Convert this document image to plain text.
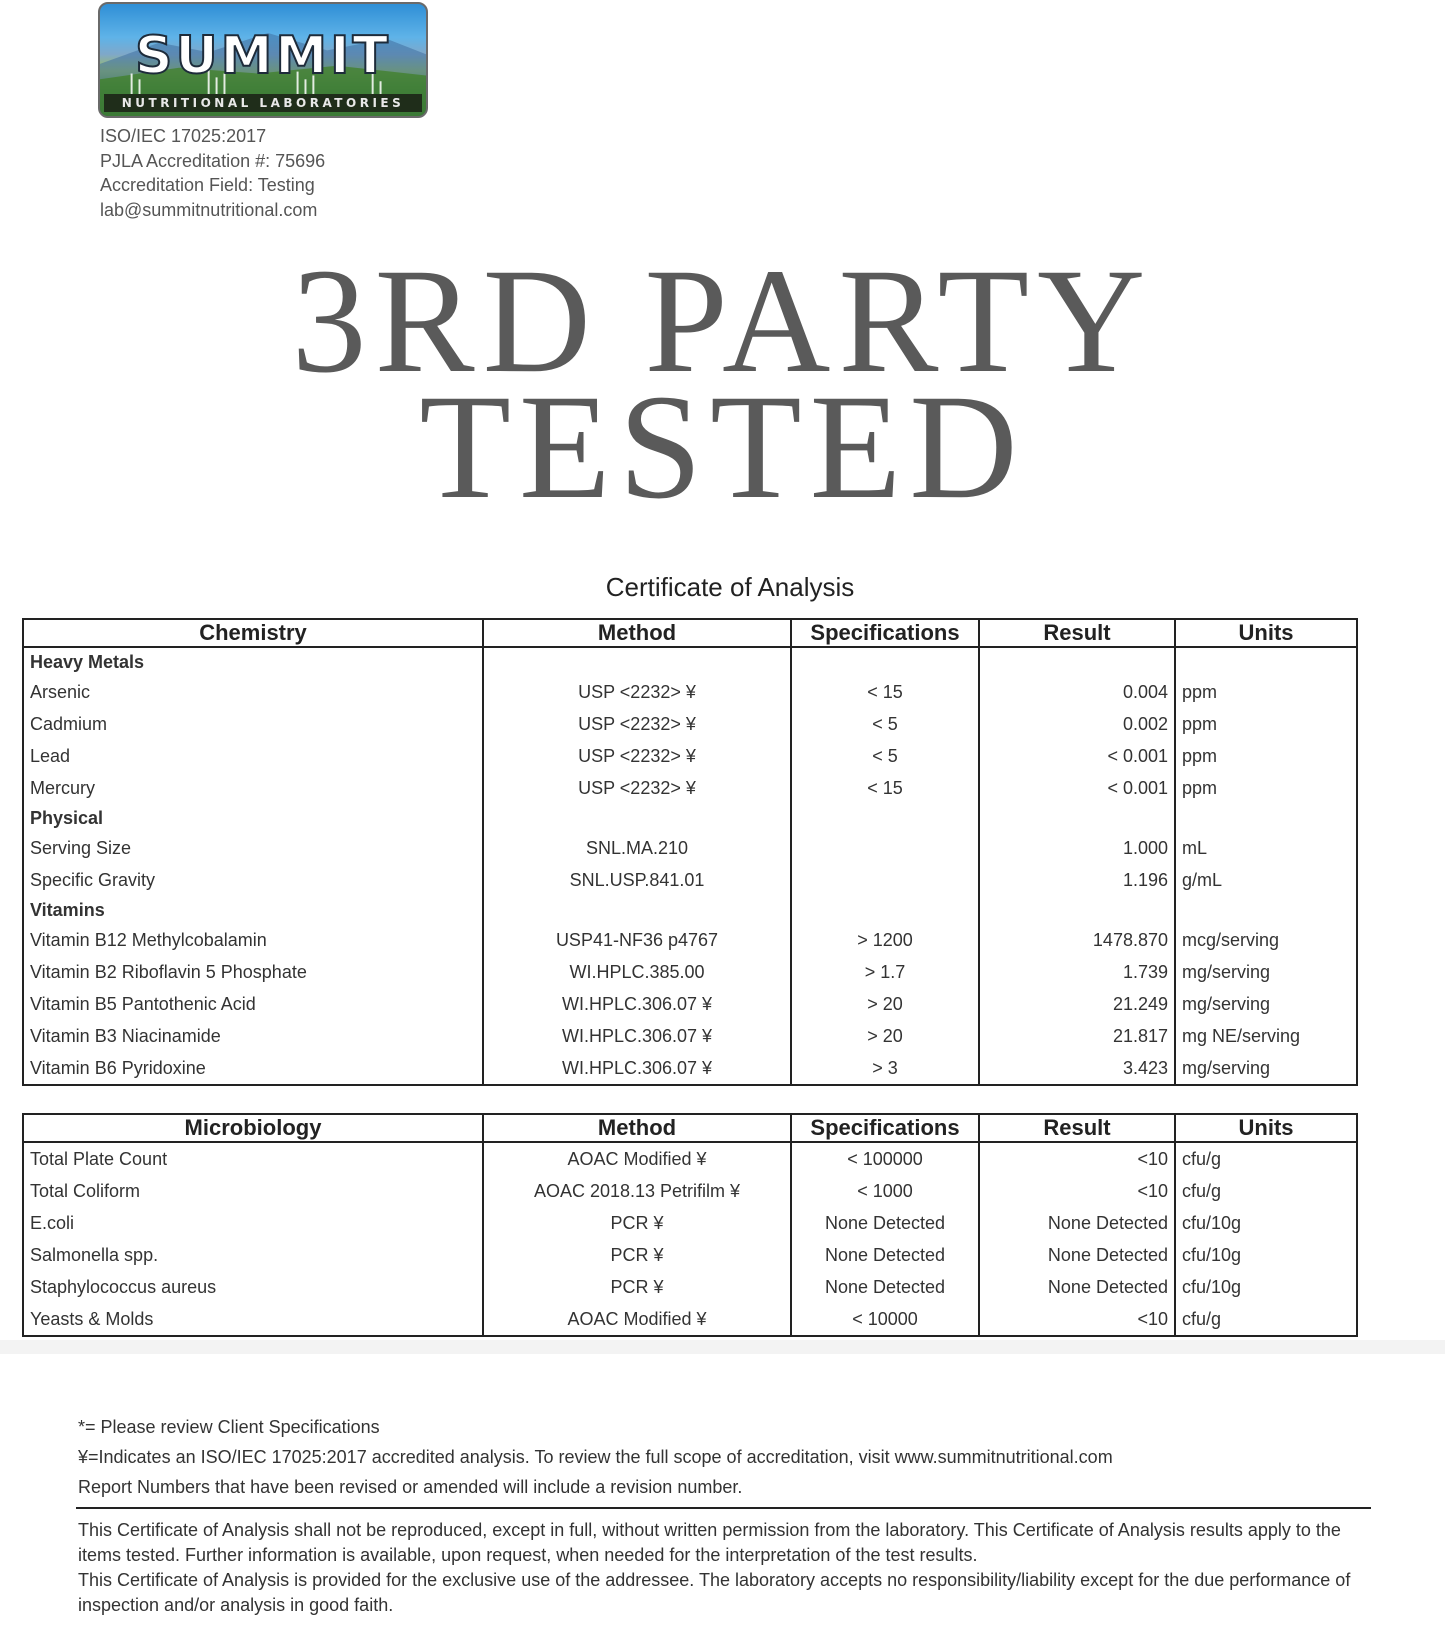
SUMMIT
NUTRITIONAL LABORATORIES
ISO/IEC 17025:2017
PJLA Accreditation #: 75696
Accreditation Field: Testing
lab@summitnutritional.com
3RD PARTY
TESTED
Certificate of Analysis
Chemistry	Method	Specifications	Result	Units
Heavy Metals				
Arsenic	USP <2232> ¥	< 15	0.004	ppm
Cadmium	USP <2232> ¥	< 5	0.002	ppm
Lead	USP <2232> ¥	< 5	< 0.001	ppm
Mercury	USP <2232> ¥	< 15	< 0.001	ppm
Physical				
Serving Size	SNL.MA.210		1.000	mL
Specific Gravity	SNL.USP.841.01		1.196	g/mL
Vitamins				
Vitamin B12 Methylcobalamin	USP41-NF36 p4767	> 1200	1478.870	mcg/serving
Vitamin B2 Riboflavin 5 Phosphate	WI.HPLC.385.00	> 1.7	1.739	mg/serving
Vitamin B5 Pantothenic Acid	WI.HPLC.306.07 ¥	> 20	21.249	mg/serving
Vitamin B3 Niacinamide	WI.HPLC.306.07 ¥	> 20	21.817	mg NE/serving
Vitamin B6 Pyridoxine	WI.HPLC.306.07 ¥	> 3	3.423	mg/serving
Microbiology	Method	Specifications	Result	Units
Total Plate Count	AOAC Modified ¥	< 100000	<10	cfu/g
Total Coliform	AOAC 2018.13 Petrifilm ¥	< 1000	<10	cfu/g
E.coli	PCR ¥	None Detected	None Detected	cfu/10g
Salmonella spp.	PCR ¥	None Detected	None Detected	cfu/10g
Staphylococcus aureus	PCR ¥	None Detected	None Detected	cfu/10g
Yeasts & Molds	AOAC Modified ¥	< 10000	<10	cfu/g
*= Please review Client Specifications
¥=Indicates an ISO/IEC 17025:2017 accredited analysis. To review the full scope of accreditation, visit www.summitnutritional.com
Report Numbers that have been revised or amended will include a revision number.
This Certificate of Analysis shall not be reproduced, except in full, without written permission from the laboratory. This Certificate of Analysis results apply to the items tested. Further information is available, upon request, when needed for the interpretation of the test results.
This Certificate of Analysis is provided for the exclusive use of the addressee. The laboratory accepts no responsibility/liability except for the due performance of inspection and/or analysis in good faith.
